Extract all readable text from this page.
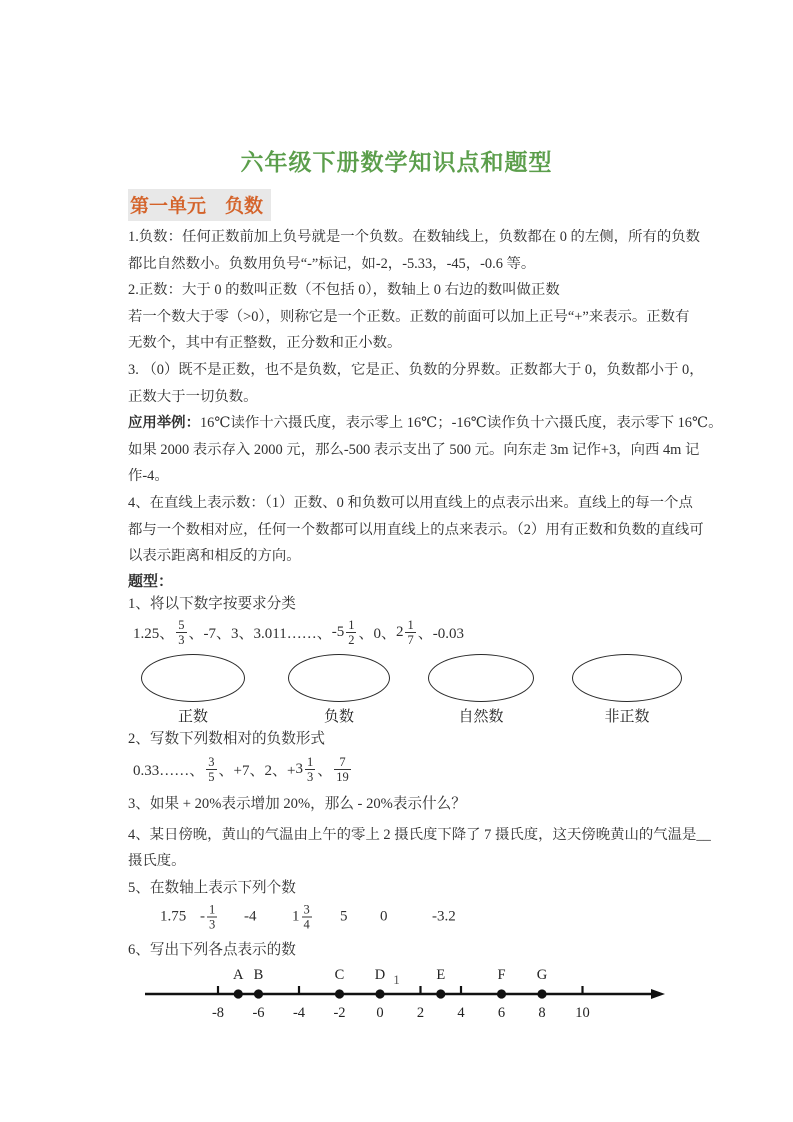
六年级下册数学知识点和题型
第一单元　负数
1.负数：任何正数前加上负号就是一个负数。在数轴线上，负数都在 0 的左侧，所有的负数
都比自然数小。负数用负号“-”标记，如-2，-5.33，-45，-0.6 等。
2.正数：大于 0 的数叫正数（不包括 0），数轴上 0 右边的数叫做正数
若一个数大于零（>0），则称它是一个正数。正数的前面可以加上正号“+”来表示。正数有
无数个，其中有正整数，正分数和正小数。
3. （0）既不是正数，也不是负数，它是正、负数的分界数。正数都大于 0，负数都小于 0，
正数大于一切负数。
应用举例：16℃读作十六摄氏度，表示零上 16℃；-16℃读作负十六摄氏度，表示零下 16℃。
如果 2000 表示存入 2000 元，那么-500 表示支出了 500 元。向东走 3m 记作+3，向西 4m 记
作-4。
4、在直线上表示数：（1）正数、0 和负数可以用直线上的点表示出来。直线上的每一个点
都与一个数相对应，任何一个数都可以用直线上的点来表示。（2）用有正数和负数的直线可
以表示距离和相反的方向。
题型：
1、将以下数字按要求分类
1.25、 $\frac{5}{3}$ 、-7、3、3.011……、 $-5 \frac{1}{2}$ 、0、 $2 \frac{1}{7}$ 、-0.03
正数	负数	自然数	非正数
2、写数下列数相对的负数形式
0.33……、 $\frac{3}{5}$ 、+7、2、+ $3 \frac{1}{3}$ 、 $\frac{7}{19}$
3、如果 + 20%表示增加 20%，那么 - 20%表示什么？
4、某日傍晚，黄山的气温由上午的零上 2 摄氏度下降了 7 摄氏度，这天傍晚黄山的气温是__
摄氏度。
5、在数轴上表示下列个数
$1.75 - \frac{1}{3} -4$ $1 \frac{3}{4} 5$ 0	-3.2
6、写出下列各点表示的数
-8 -6 -4 -2 0 2 4 6 8 10
A B	C D	E	F G
1
